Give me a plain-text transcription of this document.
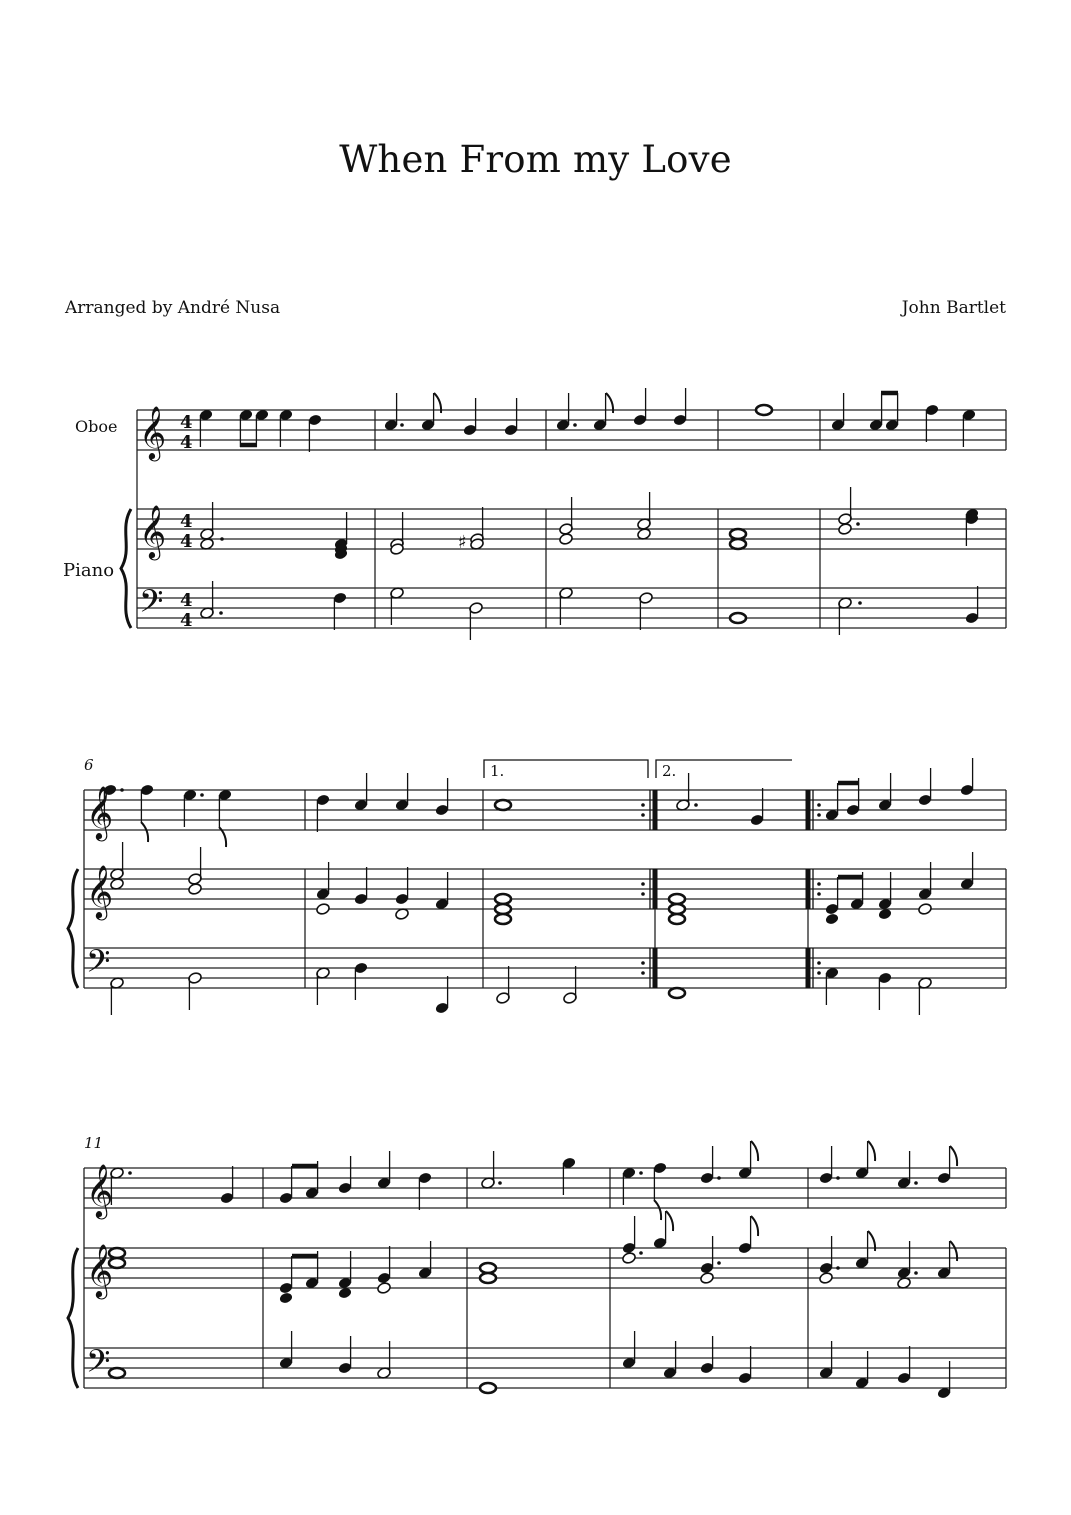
When From my Love
Arranged by André Nusa	John Bartlet
Oboe
Piano
𝄞
𝄞
𝄢
4
4
4
4
4
4
𝄞
𝄞
𝄢
𝄞
𝄞
𝄢
6
11
1.	2.
♯
